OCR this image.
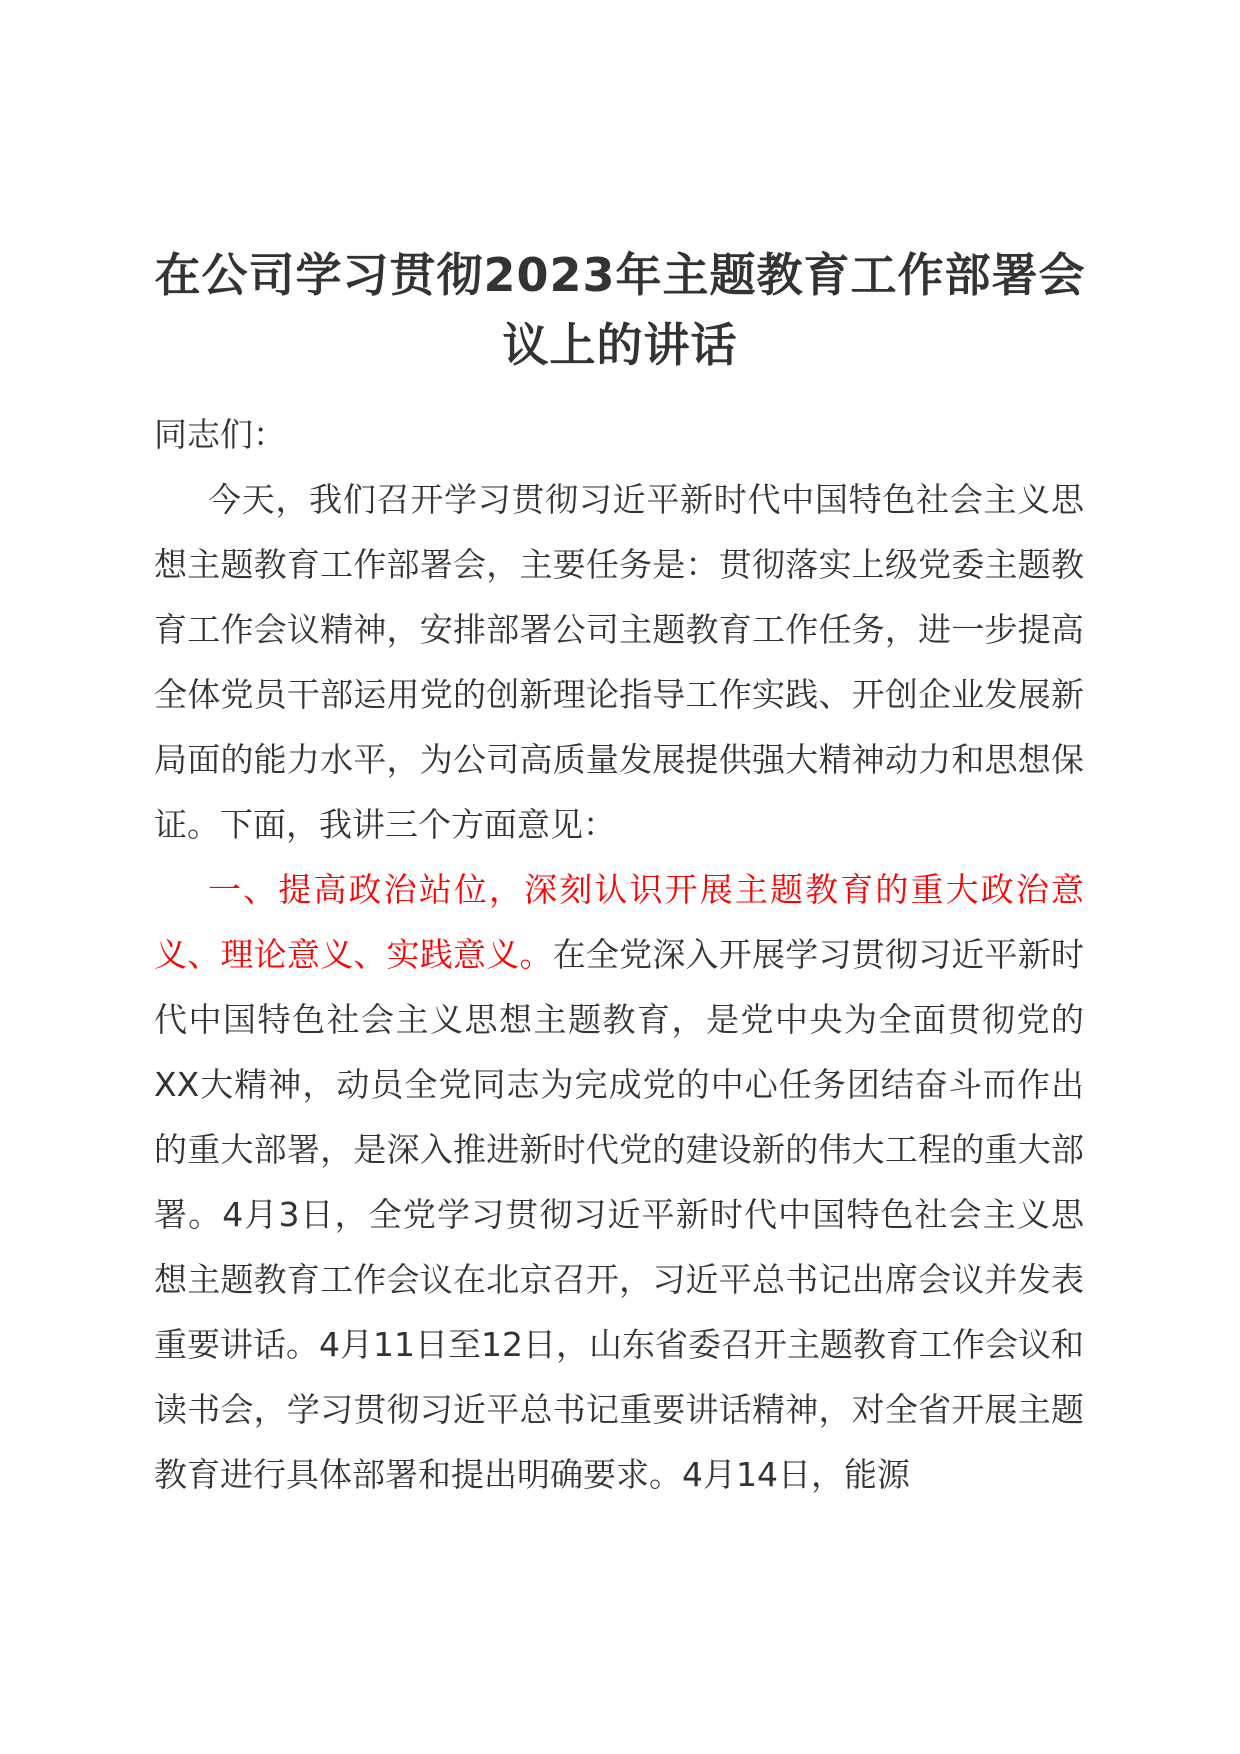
在公司学习贯彻2023年主题教育工作部署会议上的讲话

同志们：

今天，我们召开学习贯彻习近平新时代中国特色社会主义思想主题教育工作部署会，主要任务是：贯彻落实上级党委主题教育工作会议精神，安排部署公司主题教育工作任务，进一步提高全体党员干部运用党的创新理论指导工作实践、开创企业发展新局面的能力水平，为公司高质量发展提供强大精神动力和思想保证。下面，我讲三个方面意见：

一、提高政治站位，深刻认识开展主题教育的重大政治意义、理论意义、实践意义。在全党深入开展学习贯彻习近平新时代中国特色社会主义思想主题教育，是党中央为全面贯彻党的XX大精神，动员全党同志为完成党的中心任务团结奋斗而作出的重大部署，是深入推进新时代党的建设新的伟大工程的重大部署。4月3日，全党学习贯彻习近平新时代中国特色社会主义思想主题教育工作会议在北京召开，习近平总书记出席会议并发表重要讲话。4月11日至12日，山东省委召开主题教育工作会议和读书会，学习贯彻习近平总书记重要讲话精神，对全省开展主题教育进行具体部署和提出明确要求。4月14日，能源
